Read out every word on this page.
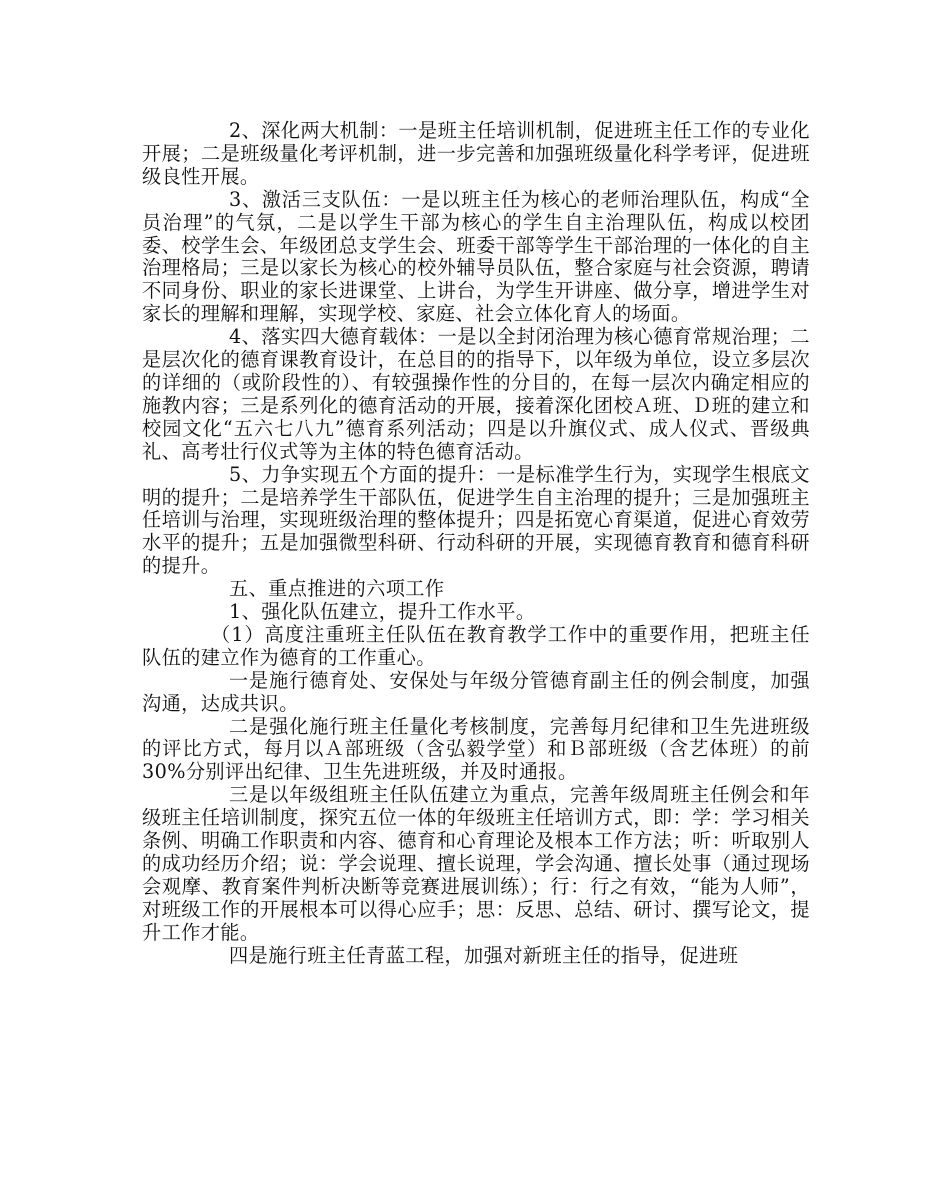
2、深化两大机制：一是班主任培训机制，促进班主任工作的专业化开展；二是班级量化考评机制，进一步完善和加强班级量化科学考评，促进班级良性开展。

3、激活三支队伍：一是以班主任为核心的老师治理队伍，构成“全员治理”的气氛，二是以学生干部为核心的学生自主治理队伍，构成以校团委、校学生会、年级团总支学生会、班委干部等学生干部治理的一体化的自主治理格局；三是以家长为核心的校外辅导员队伍，整合家庭与社会资源，聘请不同身份、职业的家长进课堂、上讲台，为学生开讲座、做分享，增进学生对家长的理解和理解，实现学校、家庭、社会立体化育人的场面。

4、落实四大德育载体：一是以全封闭治理为核心德育常规治理；二是层次化的德育课教育设计，在总目的的指导下，以年级为单位，设立多层次的详细的（或阶段性的）、有较强操作性的分目的，在每一层次内确定相应的施教内容；三是系列化的德育活动的开展，接着深化团校Ａ班、Ｄ班的建立和校园文化“五六七八九”德育系列活动；四是以升旗仪式、成人仪式、晋级典礼、高考壮行仪式等为主体的特色德育活动。

5、力争实现五个方面的提升：一是标准学生行为，实现学生根底文明的提升；二是培养学生干部队伍，促进学生自主治理的提升；三是加强班主任培训与治理，实现班级治理的整体提升；四是拓宽心育渠道，促进心育效劳水平的提升；五是加强微型科研、行动科研的开展，实现德育教育和德育科研的提升。

五、重点推进的六项工作

1、强化队伍建立，提升工作水平。

（1）高度注重班主任队伍在教育教学工作中的重要作用，把班主任队伍的建立作为德育的工作重心。

一是施行德育处、安保处与年级分管德育副主任的例会制度，加强沟通，达成共识。

二是强化施行班主任量化考核制度，完善每月纪律和卫生先进班级的评比方式，每月以Ａ部班级（含弘毅学堂）和Ｂ部班级（含艺体班）的前30%分别评出纪律、卫生先进班级，并及时通报。

三是以年级组班主任队伍建立为重点，完善年级周班主任例会和年级班主任培训制度，探究五位一体的年级班主任培训方式，即：学：学习相关条例、明确工作职责和内容、德育和心育理论及根本工作方法；听：听取别人的成功经历介绍；说：学会说理、擅长说理，学会沟通、擅长处事（通过现场会观摩、教育案件判析决断等竞赛进展训练）；行：行之有效，“能为人师”，对班级工作的开展根本可以得心应手；思：反思、总结、研讨、撰写论文，提升工作才能。

四是施行班主任青蓝工程，加强对新班主任的指导，促进班
